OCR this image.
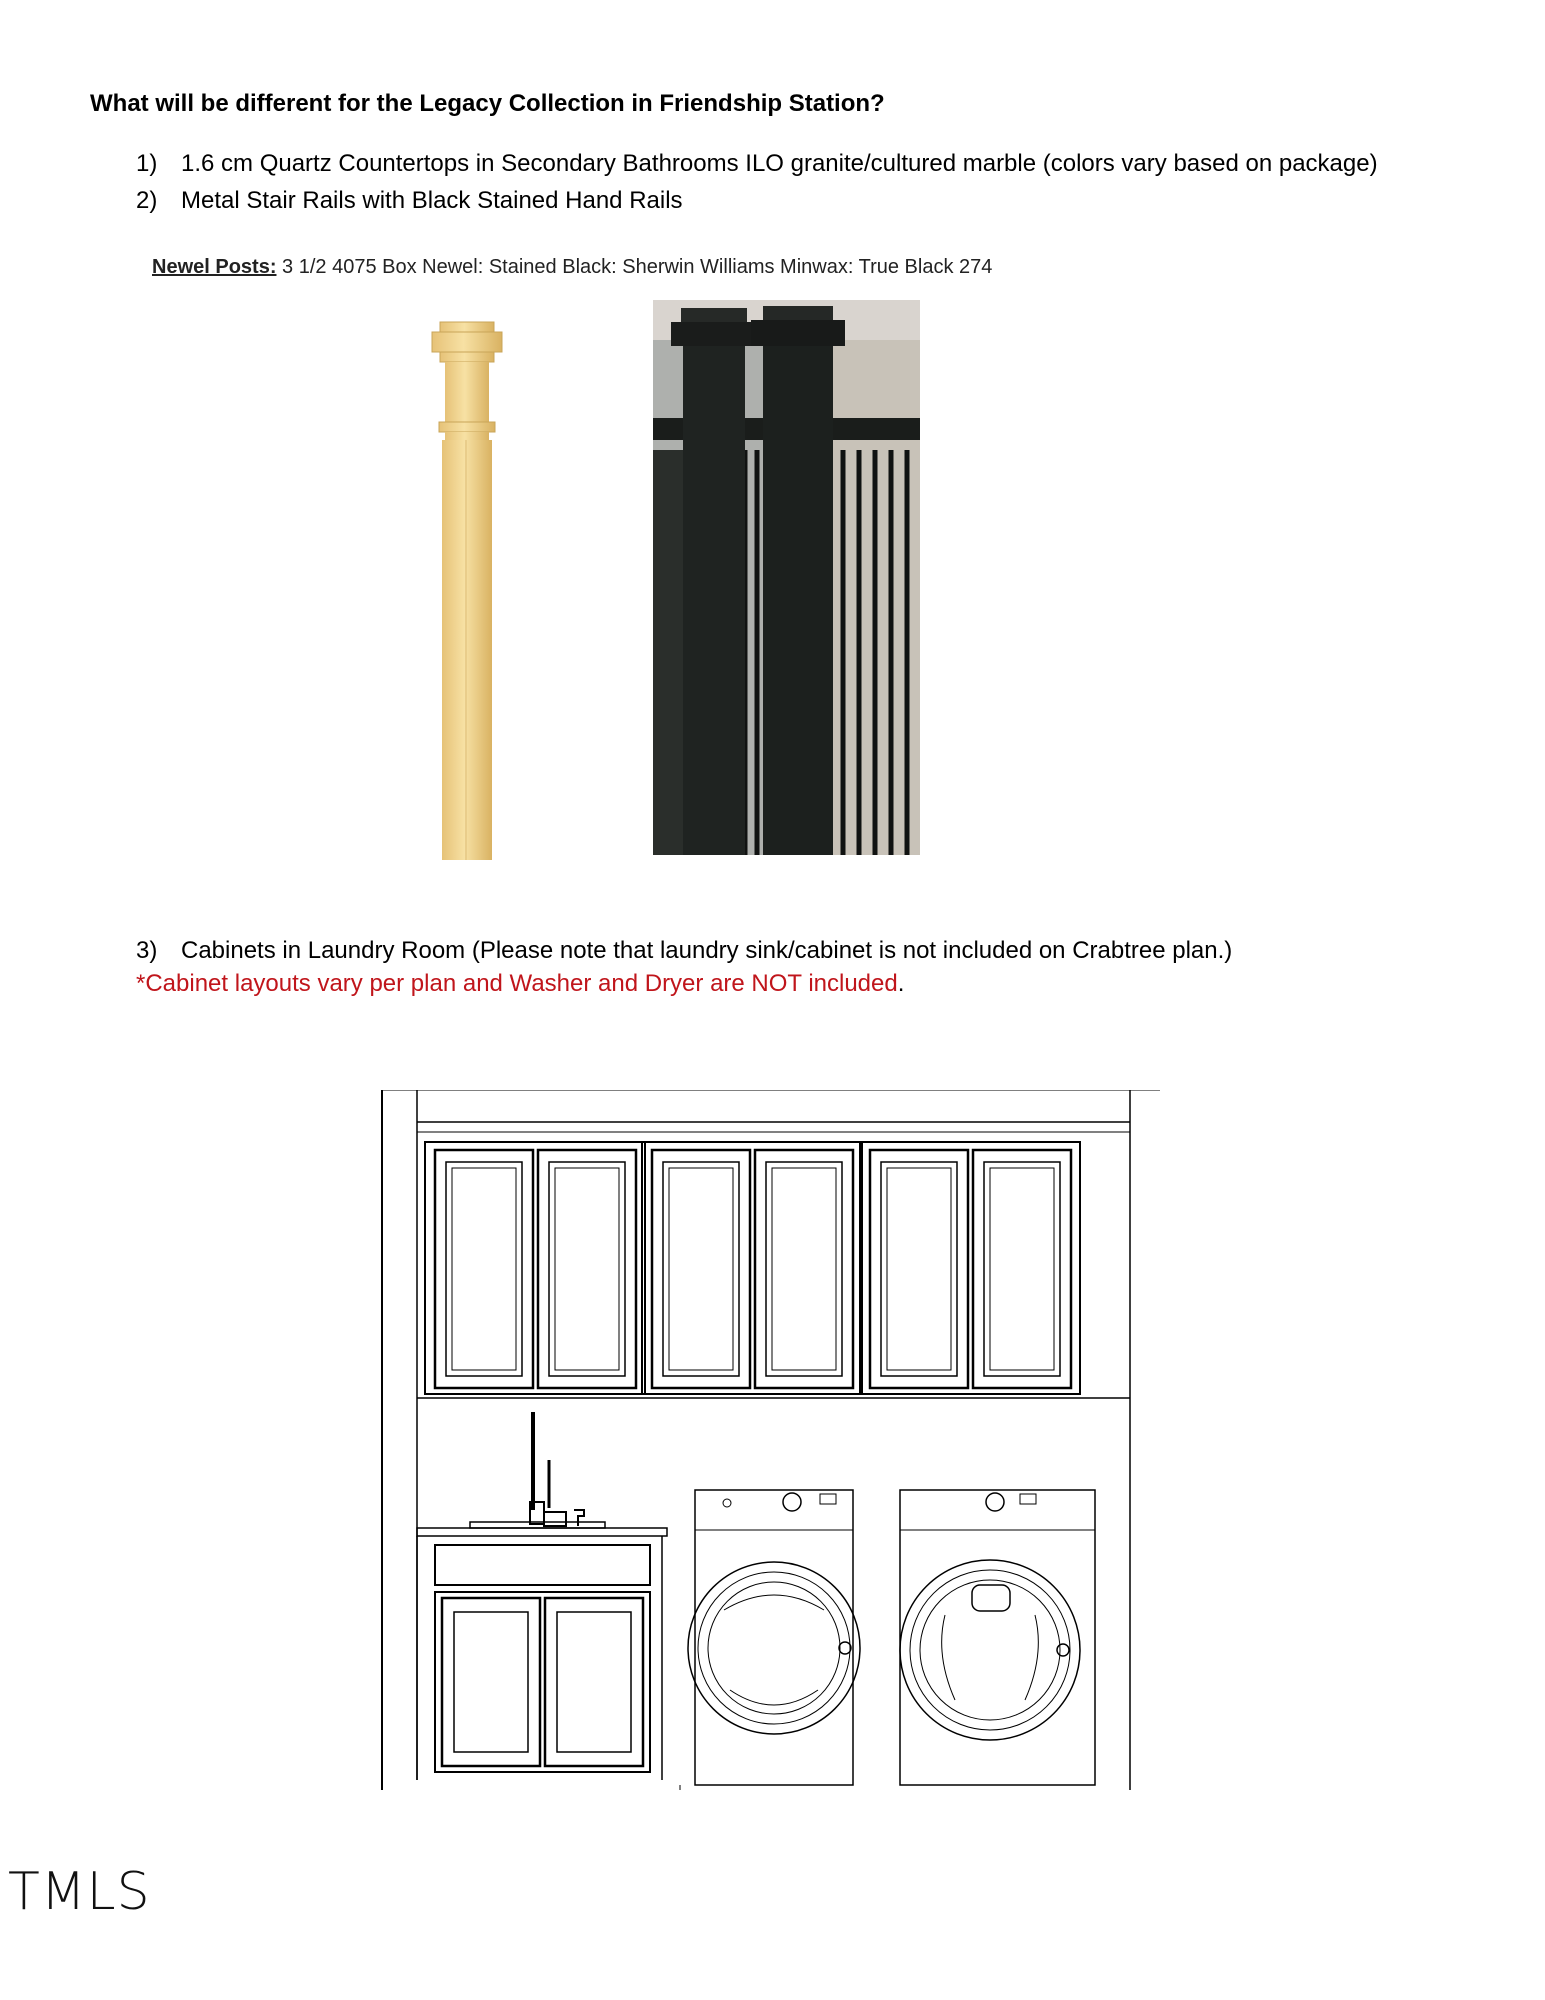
What will be different for the Legacy Collection in Friendship Station?
1) 1.6 cm Quartz Countertops in Secondary Bathrooms ILO granite/cultured marble (colors vary based on package)
2) Metal Stair Rails with Black Stained Hand Rails
Newel Posts: 3 1/2 4075 Box Newel: Stained Black: Sherwin Williams Minwax: True Black 274
3) Cabinets in Laundry Room (Please note that laundry sink/cabinet is not included on Crabtree plan.)
*Cabinet layouts vary per plan and Washer and Dryer are NOT included.
TMLS
